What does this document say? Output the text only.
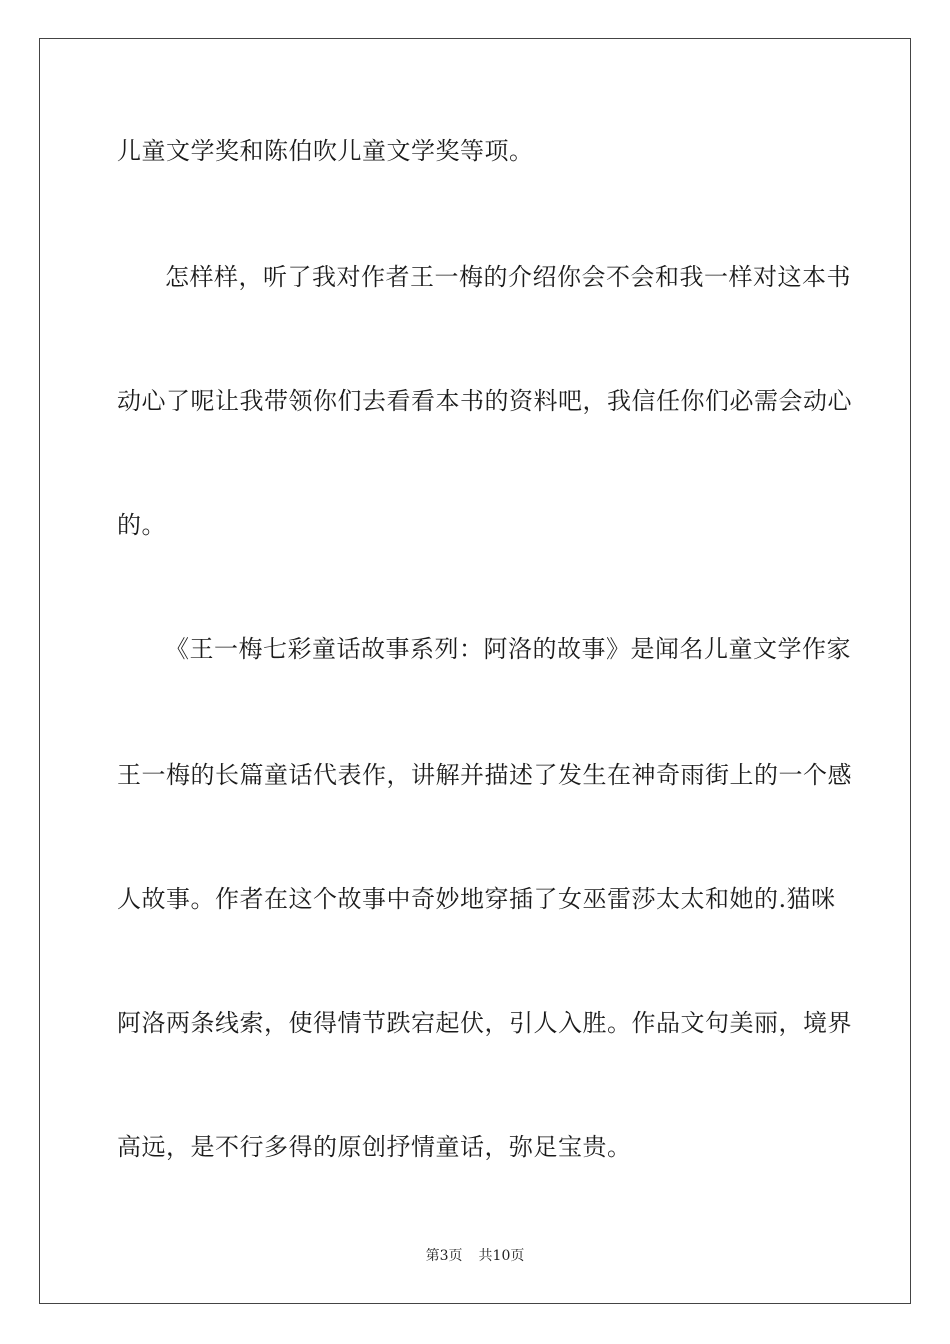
儿童文学奖和陈伯吹儿童文学奖等项。
怎样样，听了我对作者王一梅的介绍你会不会和我一样对这本书
动心了呢让我带领你们去看看本书的资料吧，我信任你们必需会动心
的。
《王一梅七彩童话故事系列：阿洛的故事》是闻名儿童文学作家
王一梅的长篇童话代表作，讲解并描述了发生在神奇雨街上的一个感
人故事。作者在这个故事中奇妙地穿插了女巫雷莎太太和她的.猫咪
阿洛两条线索，使得情节跌宕起伏，引人入胜。作品文句美丽，境界
高远，是不行多得的原创抒情童话，弥足宝贵。
第3页 共10页
